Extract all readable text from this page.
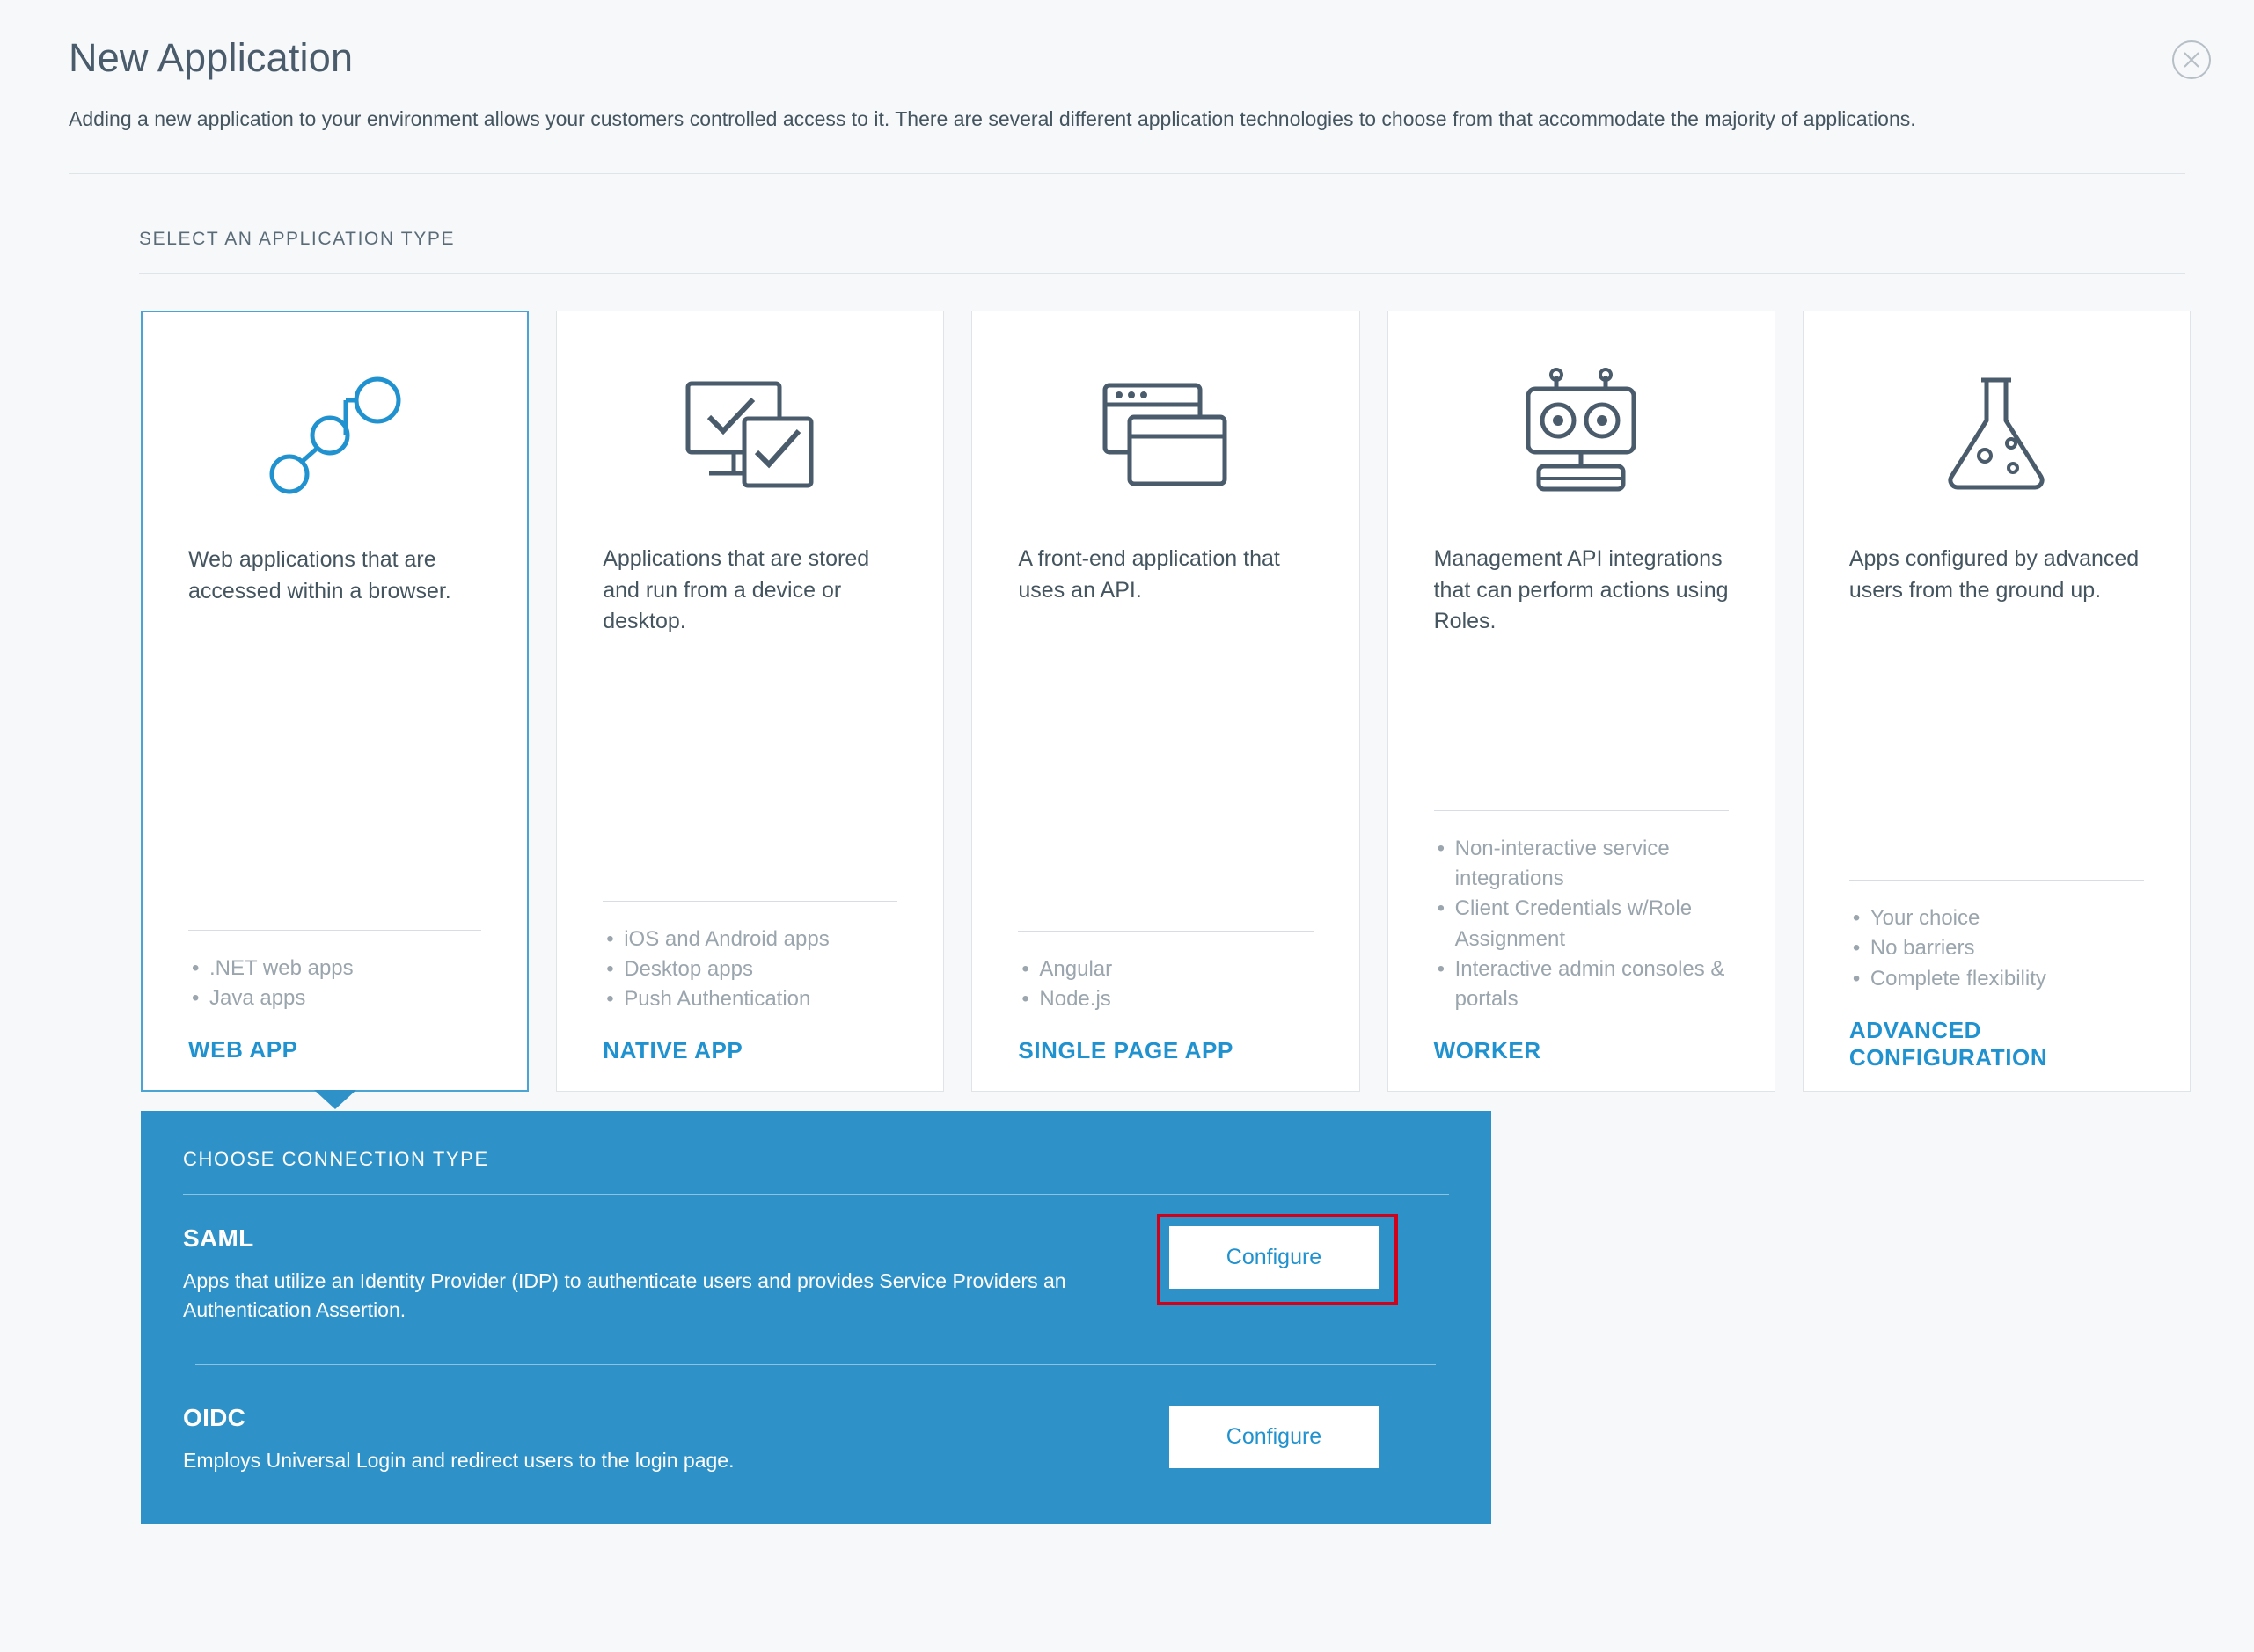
New Application

Adding a new application to your environment allows your customers controlled access to it. There are several different application technologies to choose from that accommodate the majority of applications.

SELECT AN APPLICATION TYPE
Web applications that are accessed within a browser.
• .NET web apps
• Java apps
WEB APP
Applications that are stored and run from a device or desktop.
• iOS and Android apps
• Desktop apps
• Push Authentication
NATIVE APP
A front-end application that uses an API.
• Angular
• Node.js
SINGLE PAGE APP
Management API integrations that can perform actions using Roles.
• Non-interactive service integrations
• Client Credentials w/Role Assignment
• Interactive admin consoles & portals
WORKER
Apps configured by advanced users from the ground up.
• Your choice
• No barriers
• Complete flexibility
ADVANCED CONFIGURATION
CHOOSE CONNECTION TYPE
SAML
Apps that utilize an Identity Provider (IDP) to authenticate users and provides Service Providers an Authentication Assertion.
Configure
OIDC
Employs Universal Login and redirect users to the login page.
Configure
